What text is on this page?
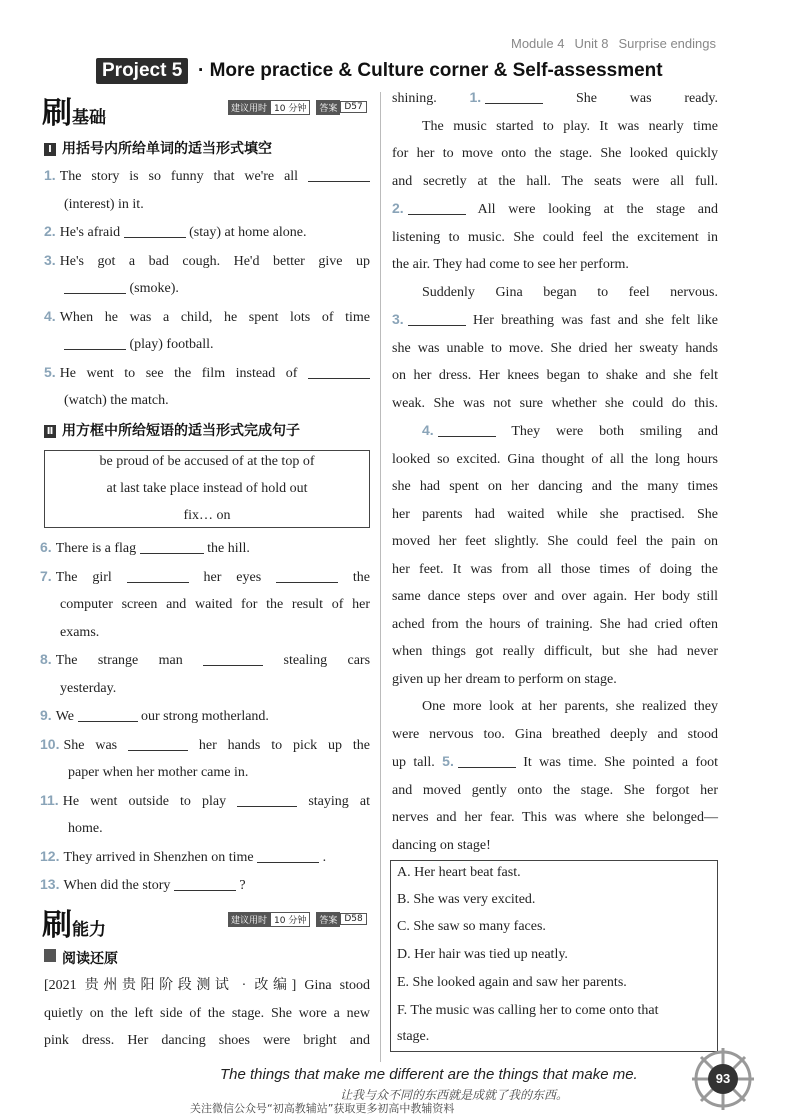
Module 4 Unit 8 Surprise endings
Project 5 · More practice & Culture corner & Self-assessment
刷基础	建议用时 10 分钟 答案 D57
Ⅰ 用括号内所给单词的适当形式填空
1. The story is so funny that we're all
(interest) in it.
2. He's afraid	(stay) at home alone.
3. He's got a bad cough. He'd better give up
(smoke).
4. When he was a child, he spent lots of time
(play) football.
5. He went to see the film instead of
(watch) the match.
Ⅱ 用方框中所给短语的适当形式完成句子
be proud of be accused of at the top of
at last take place instead of hold out
fix… on
6. There is a flag	the hill.
7. The girl	her eyes	the
computer screen and waited for the result of her
exams.
8. The strange man	stealing cars
yesterday.
9. We	our strong motherland.
10. She was	her hands to pick up the
paper when her mother came in.
11. He went outside to play	staying at
home.
12. They arrived in Shenzhen on time	.
13. When did the story	?
刷能力	建议用时 10 分钟 答案 D58
阅读还原
[2021 贵州贵阳阶段测试 · 改编] Gina stood
quietly on the left side of the stage. She wore a new
pink dress. Her dancing shoes were bright and
shining. 1.	She was ready.
The music started to play. It was nearly time
for her to move onto the stage. She looked quickly
and secretly at the hall. The seats were all full.
2.	All were looking at the stage and
listening to music. She could feel the excitement in
the air. They had come to see her perform.
Suddenly Gina began to feel nervous.
3.	Her breathing was fast and she felt like
she was unable to move. She dried her sweaty hands
on her dress. Her knees began to shake and she felt
weak. She was not sure whether she could do this.
4.	They were both smiling and
looked so excited. Gina thought of all the long hours
she had spent on her dancing and the many times
her parents had waited while she practised. She
moved her feet slightly. She could feel the pain on
her feet. It was from all those times of doing the
same dance steps over and over again. Her body still
ached from the hours of training. She had cried often
when things got really difficult, but she had never
given up her dream to perform on stage.
One more look at her parents, she realized they
were nervous too. Gina breathed deeply and stood
up tall. 5.	It was time. She pointed a foot
and moved gently onto the stage. She forgot her
nerves and her fear. This was where she belonged—
dancing on stage!
A. Her heart beat fast.
B. She was very excited.
C. She saw so many faces.
D. Her hair was tied up neatly.
E. She looked again and saw her parents.
F. The music was calling her to come onto that
stage.
The things that make me different are the things that make me.
让我与众不同的东西就是成就了我的东西。
关注微信公众号“初高教辅站”获取更多初高中教辅资料
93
